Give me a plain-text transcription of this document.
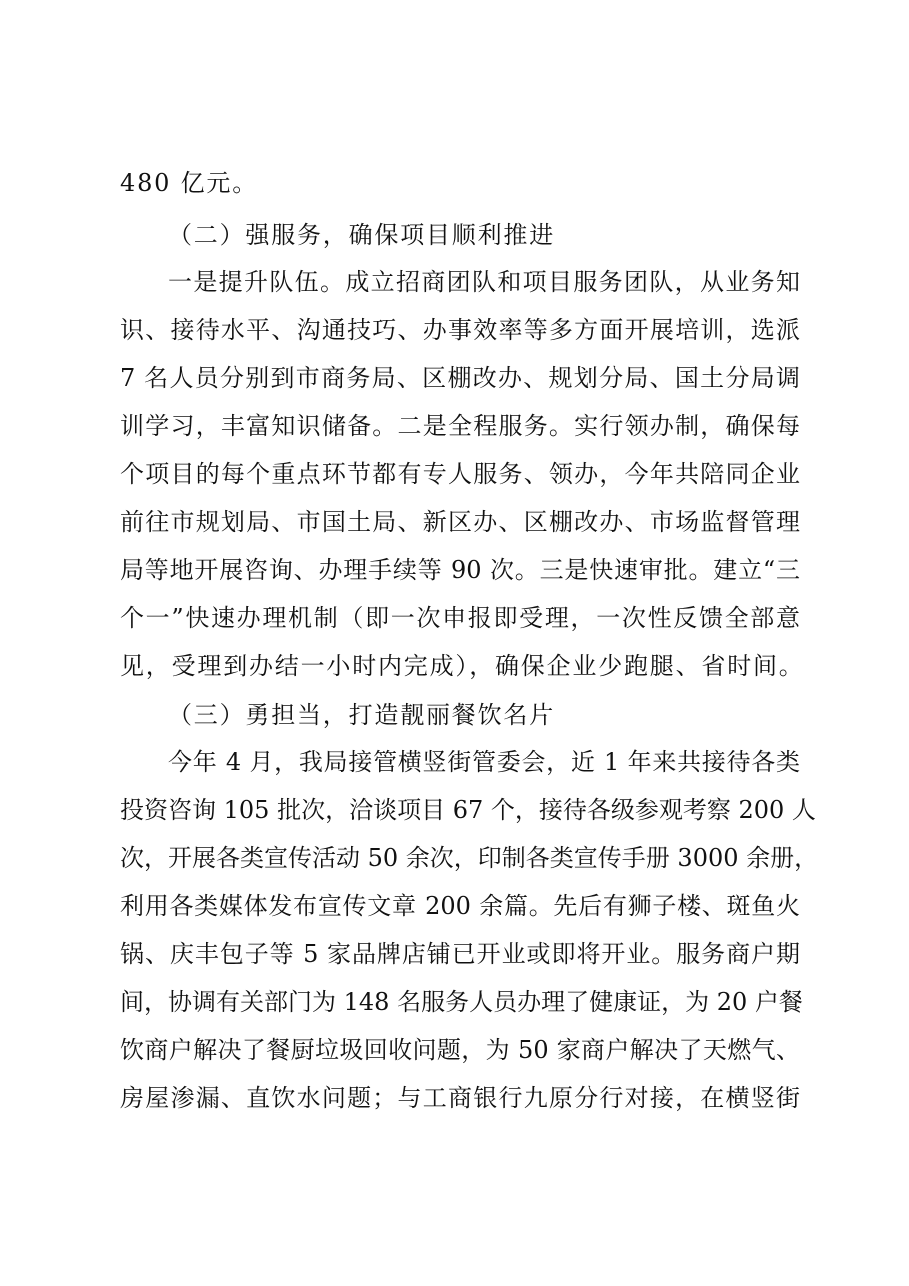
480 亿元。
（二）强服务，确保项目顺利推进
一是提升队伍。成立招商团队和项目服务团队，从业务知
识、接待水平、沟通技巧、办事效率等多方面开展培训，选派
7 名人员分别到市商务局、区棚改办、规划分局、国土分局调
训学习，丰富知识储备。二是全程服务。实行领办制，确保每
个项目的每个重点环节都有专人服务、领办，今年共陪同企业
前往市规划局、市国土局、新区办、区棚改办、市场监督管理
局等地开展咨询、办理手续等 90 次。三是快速审批。建立“三
个一”快速办理机制（即一次申报即受理，一次性反馈全部意
见，受理到办结一小时内完成），确保企业少跑腿、省时间。
（三）勇担当，打造靓丽餐饮名片
今年 4 月，我局接管横竖街管委会，近 1 年来共接待各类
投资咨询 105 批次，洽谈项目 67 个，接待各级参观考察 200 人
次，开展各类宣传活动 50 余次，印制各类宣传手册 3000 余册，
利用各类媒体发布宣传文章 200 余篇。先后有狮子楼、斑鱼火
锅、庆丰包子等 5 家品牌店铺已开业或即将开业。服务商户期
间，协调有关部门为 148 名服务人员办理了健康证，为 20 户餐
饮商户解决了餐厨垃圾回收问题，为 50 家商户解决了天燃气、
房屋渗漏、直饮水问题；与工商银行九原分行对接，在横竖街
